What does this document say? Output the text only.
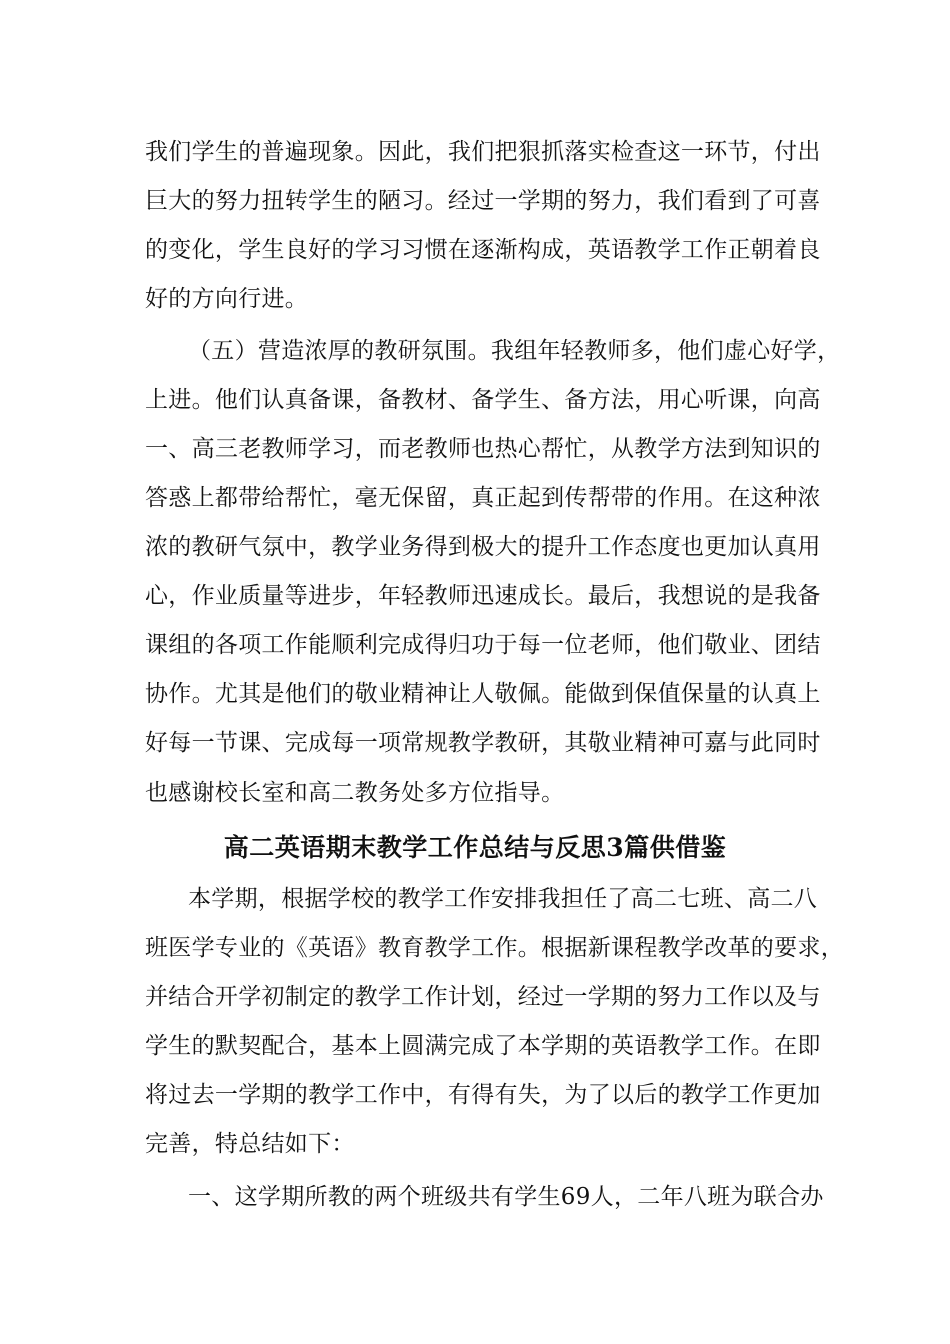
我们学生的普遍现象。因此，我们把狠抓落实检查这一环节，付出
巨大的努力扭转学生的陋习。经过一学期的努力，我们看到了可喜
的变化，学生良好的学习习惯在逐渐构成，英语教学工作正朝着良
好的方向行进。
（五）营造浓厚的教研氛围。我组年轻教师多，他们虚心好学，
上进。他们认真备课，备教材、备学生、备方法，用心听课，向高
一、高三老教师学习，而老教师也热心帮忙，从教学方法到知识的
答惑上都带给帮忙，毫无保留，真正起到传帮带的作用。在这种浓
浓的教研气氛中，教学业务得到极大的提升工作态度也更加认真用
心，作业质量等进步，年轻教师迅速成长。最后，我想说的是我备
课组的各项工作能顺利完成得归功于每一位老师，他们敬业、团结
协作。尤其是他们的敬业精神让人敬佩。能做到保值保量的认真上
好每一节课、完成每一项常规教学教研，其敬业精神可嘉与此同时
也感谢校长室和高二教务处多方位指导。
高二英语期末教学工作总结与反思3篇供借鉴
本学期，根据学校的教学工作安排我担任了高二七班、高二八
班医学专业的《英语》教育教学工作。根据新课程教学改革的要求，
并结合开学初制定的教学工作计划，经过一学期的努力工作以及与
学生的默契配合，基本上圆满完成了本学期的英语教学工作。在即
将过去一学期的教学工作中，有得有失，为了以后的教学工作更加
完善，特总结如下：
一、这学期所教的两个班级共有学生69人，二年八班为联合办
